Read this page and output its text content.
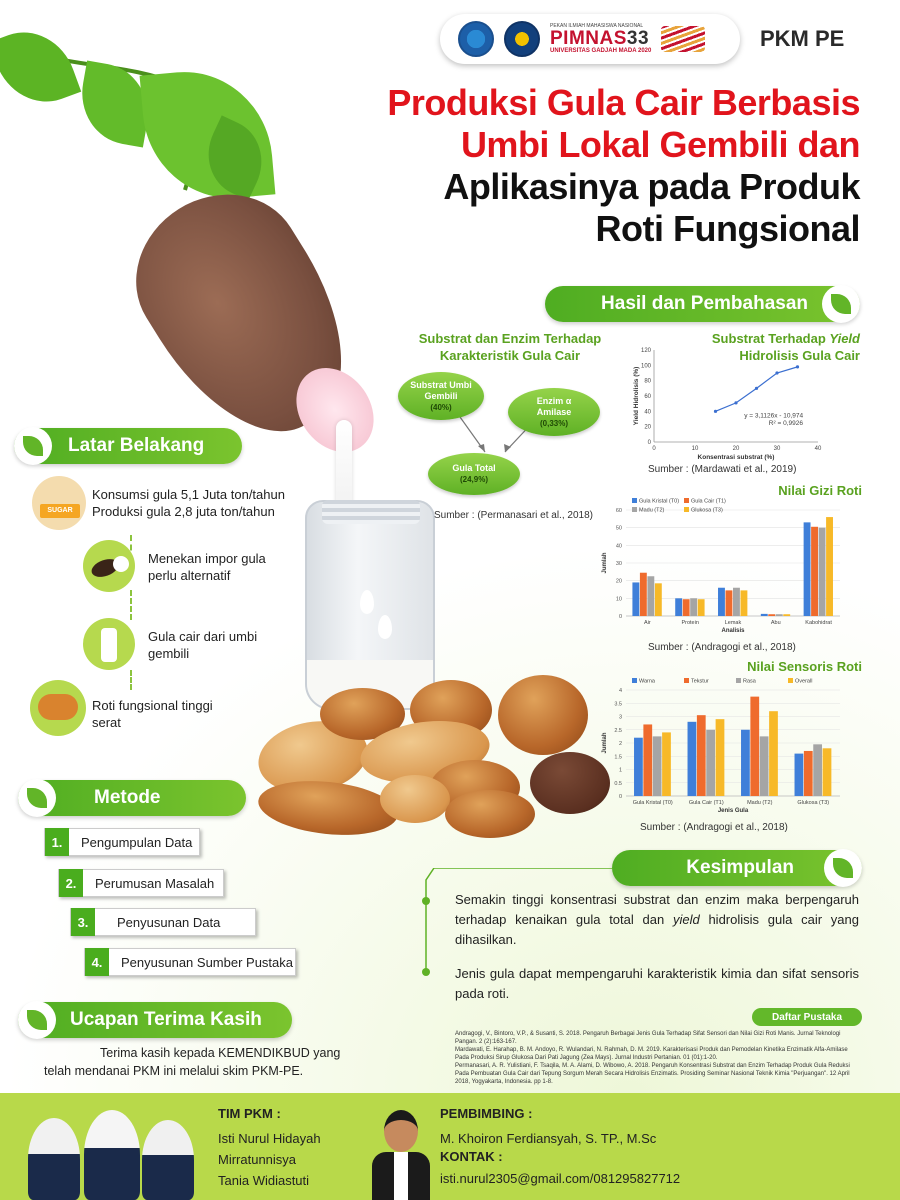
PEKAN ILMIAH MAHASISWA NASIONAL
PIMNAS33
UNIVERSITAS GADJAH MADA 2020	PKM PE
Produksi Gula Cair Berbasis
Umbi Lokal Gembili dan
Aplikasinya pada Produk
Roti Fungsional
Latar Belakang
SUGAR
Konsumsi gula 5,1 Juta ton/tahun
Produksi gula 2,8 juta ton/tahun
Menekan impor gula
perlu alternatif
Gula cair dari umbi
gembili
Roti fungsional tinggi
serat
Metode
1.	Pengumpulan Data
2.	Perumusan Masalah
3.	Penyusunan Data
4.	Penyusunan Sumber Pustaka
Ucapan Terima Kasih
Terima kasih kepada KEMENDIKBUD yang telah mendanai PKM ini melalui skim PKM-PE.
Hasil dan Pembahasan
Substrat dan Enzim Terhadap
Karakteristik Gula Cair
Substrat Umbi
Gembili
(40%)
Enzim α
Amilase
(0,33%)
Gula Total
(24,9%)
Sumber : (Permanasari et al., 2018)
Substrat Terhadap Yield
Hidrolisis Gula Cair
0
20
40
60
80
100
120
0	10	20	30	40
Konsentrasi substrat (%)
Yield Hidrolisis (%)	y = 3,1126x - 10,974
R² = 0,9926
Sumber : (Mardawati et al., 2019)
Nilai Gizi Roti
0
10
20
30
40
50
60
Air	Protein	Lemak	Abu	Kabohidrat
Analisis
Jumlah
Gula Kristal (T0) Gula Cair (T1)
Madu (T2)	Glukosa (T3)
Sumber : (Andragogi et al., 2018)
Nilai Sensoris Roti
0
0.5
1
1.5
2
2.5
3
3.5
4
Gula Kristal (T0)	Gula Cair (T1)	Madu (T2)	Glukosa (T3)
Jenis Gula
Jumlah
Warna	Tekstur	Rasa	Overall
Sumber : (Andragogi et al., 2018)
Kesimpulan
Semakin tinggi konsentrasi substrat dan enzim maka berpengaruh terhadap kenaikan gula total dan yield hidrolisis gula cair yang dihasilkan.
Jenis gula dapat mempengaruhi karakteristik kimia dan sifat sensoris pada roti.
Daftar Pustaka
Andragogi, V., Bintoro, V.P., & Susanti, S. 2018. Pengaruh Berbagai Jenis Gula Terhadap Sifat Sensori dan Nilai Gizi Roti Manis. Jurnal Teknologi Pangan. 2 (2):163-167.
Mardawati, E. Harahap, B. M. Andoyo, R. Wulandari, N. Rahmah, D. M. 2019. Karakterisasi Produk dan Pemodelan Kinetika Enzimatik Alfa-Amilase Pada Produksi Sirup Glukosa Dari Pati Jagung (Zea Mays). Jurnal Industri Pertanian. 01 (01):1-20.
Permanasari, A. R. Yulistiani, F. Tsaqila, M. A. Alami, D. Wibowo, A. 2018. Pengaruh Konsentrasi Substrat dan Enzim Terhadap Produk Gula Reduksi Pada Pembuatan Gula Cair dari Tepung Sorgum Merah Secara Hidrolisis Enzimatis. Prosiding Seminar Nasional Teknik Kimia "Perjuangan". 12 April 2018, Yogyakarta, Indonesia. pp 1-8.
TIM PKM :
Isti Nurul Hidayah
Mirratunnisya
Tania Widiastuti
PEMBIMBING :
M. Khoiron Ferdiansyah, S. TP., M.Sc
KONTAK :
isti.nurul2305@gmail.com/081295827712
